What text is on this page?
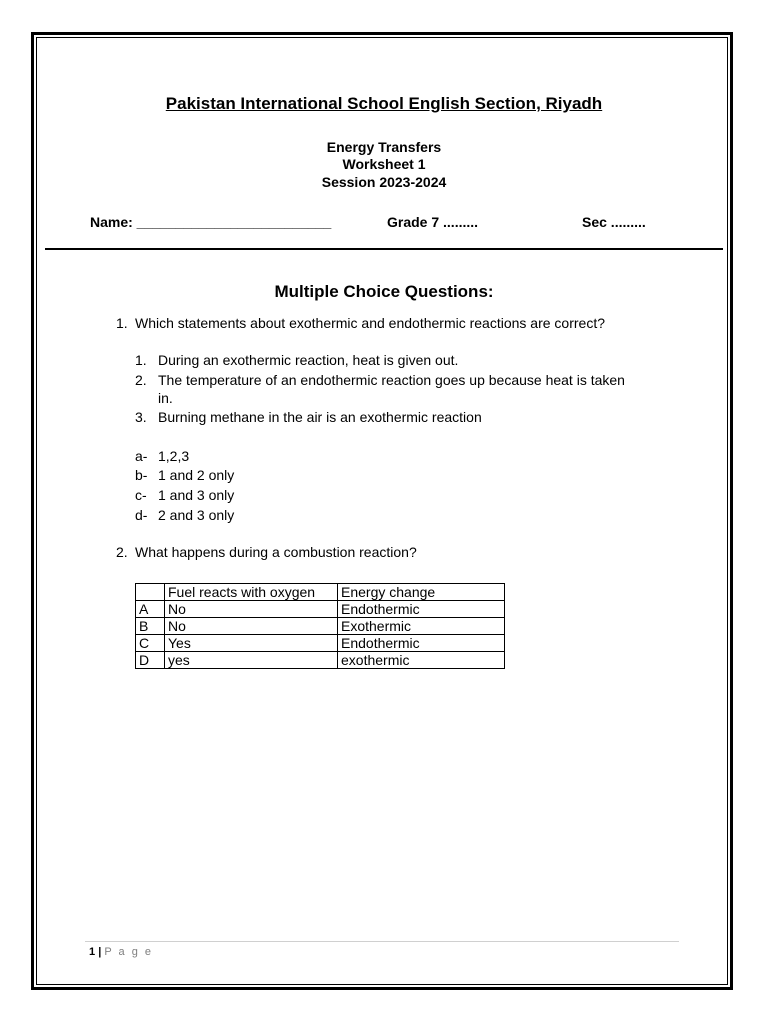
Pakistan International School English Section, Riyadh
Energy Transfers
Worksheet 1
Session 2023-2024
Name: _________________________	Grade 7 .........	Sec .........
Multiple Choice Questions:
1. Which statements about exothermic and endothermic reactions are correct?
1. During an exothermic reaction, heat is given out.
2. The temperature of an endothermic reaction goes up because heat is taken
in.
3. Burning methane in the air is an exothermic reaction
a- 1,2,3
b- 1 and 2 only
c- 1 and 3 only
d- 2 and 3 only
2. What happens during a combustion reaction?
	Fuel reacts with oxygen	Energy change
A	No	Endothermic
B	No	Exothermic
C	Yes	Endothermic
D	yes	exothermic
1 | P a g e
